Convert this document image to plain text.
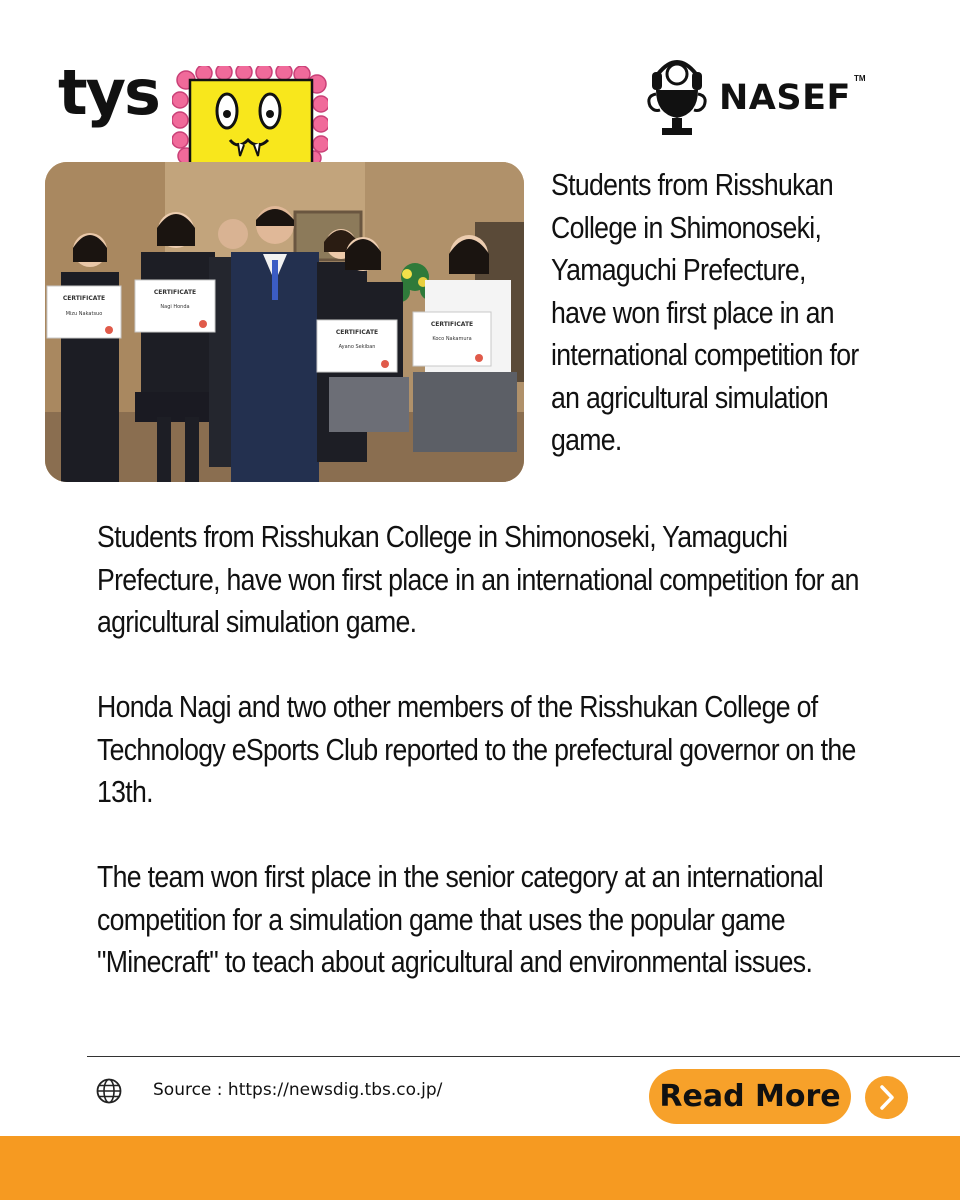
tys	NASEF TM
CERTIFICATE
Mizu Nakatsuo
CERTIFICATE
Nagi Honda
CERTIFICATE
Ayano Sekiban
CERTIFICATE
Koco Nakamura
Students from Risshukan College in Shimonoseki, Yamaguchi Prefecture, have won first place in an international competition for an agricultural simulation game.

Students from Risshukan College in Shimonoseki, Yamaguchi Prefecture, have won first place in an international competition for an agricultural simulation game.

Honda Nagi and two other members of the Risshukan College of Technology eSports Club reported to the prefectural governor on the 13th.

The team won first place in the senior category at an international competition for a simulation game that uses the popular game "Minecraft" to teach about agricultural and environmental issues.

Source : https://newsdig.tbs.co.jp/	Read More
